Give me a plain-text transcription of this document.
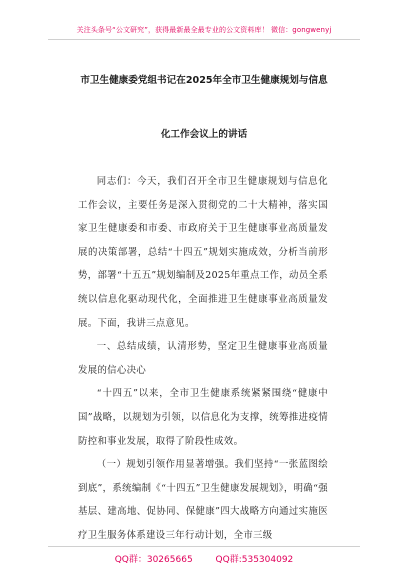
关注头条号“公文研究”，获得最新最全最专业的公文资料库！ 微信：gongwenyj
市卫生健康委党组书记在2025年全市卫生健康规划与信息
化工作会议上的讲话

同志们：今天，我们召开全市卫生健康规划与信息化工作会议，主要任务是深入贯彻党的二十大精神，落实国家卫生健康委和市委、市政府关于卫生健康事业高质量发展的决策部署，总结“十四五”规划实施成效，分析当前形势，部署“十五五”规划编制及2025年重点工作，动员全系统以信息化驱动现代化，全面推进卫生健康事业高质量发展。下面，我讲三点意见。

一、总结成绩，认清形势，坚定卫生健康事业高质量发展的信心决心

“十四五”以来，全市卫生健康系统紧紧围绕“健康中国”战略，以规划为引领，以信息化为支撑，统筹推进疫情防控和事业发展，取得了阶段性成效。

（一）规划引领作用显著增强。我们坚持“一张蓝图绘到底”，系统编制《“十四五”卫生健康发展规划》，明确“强基层、建高地、促协同、保健康”四大战略方向通过实施医疗卫生服务体系建设三年行动计划，全市三级

QQ群：30265665	QQ群:535304092
